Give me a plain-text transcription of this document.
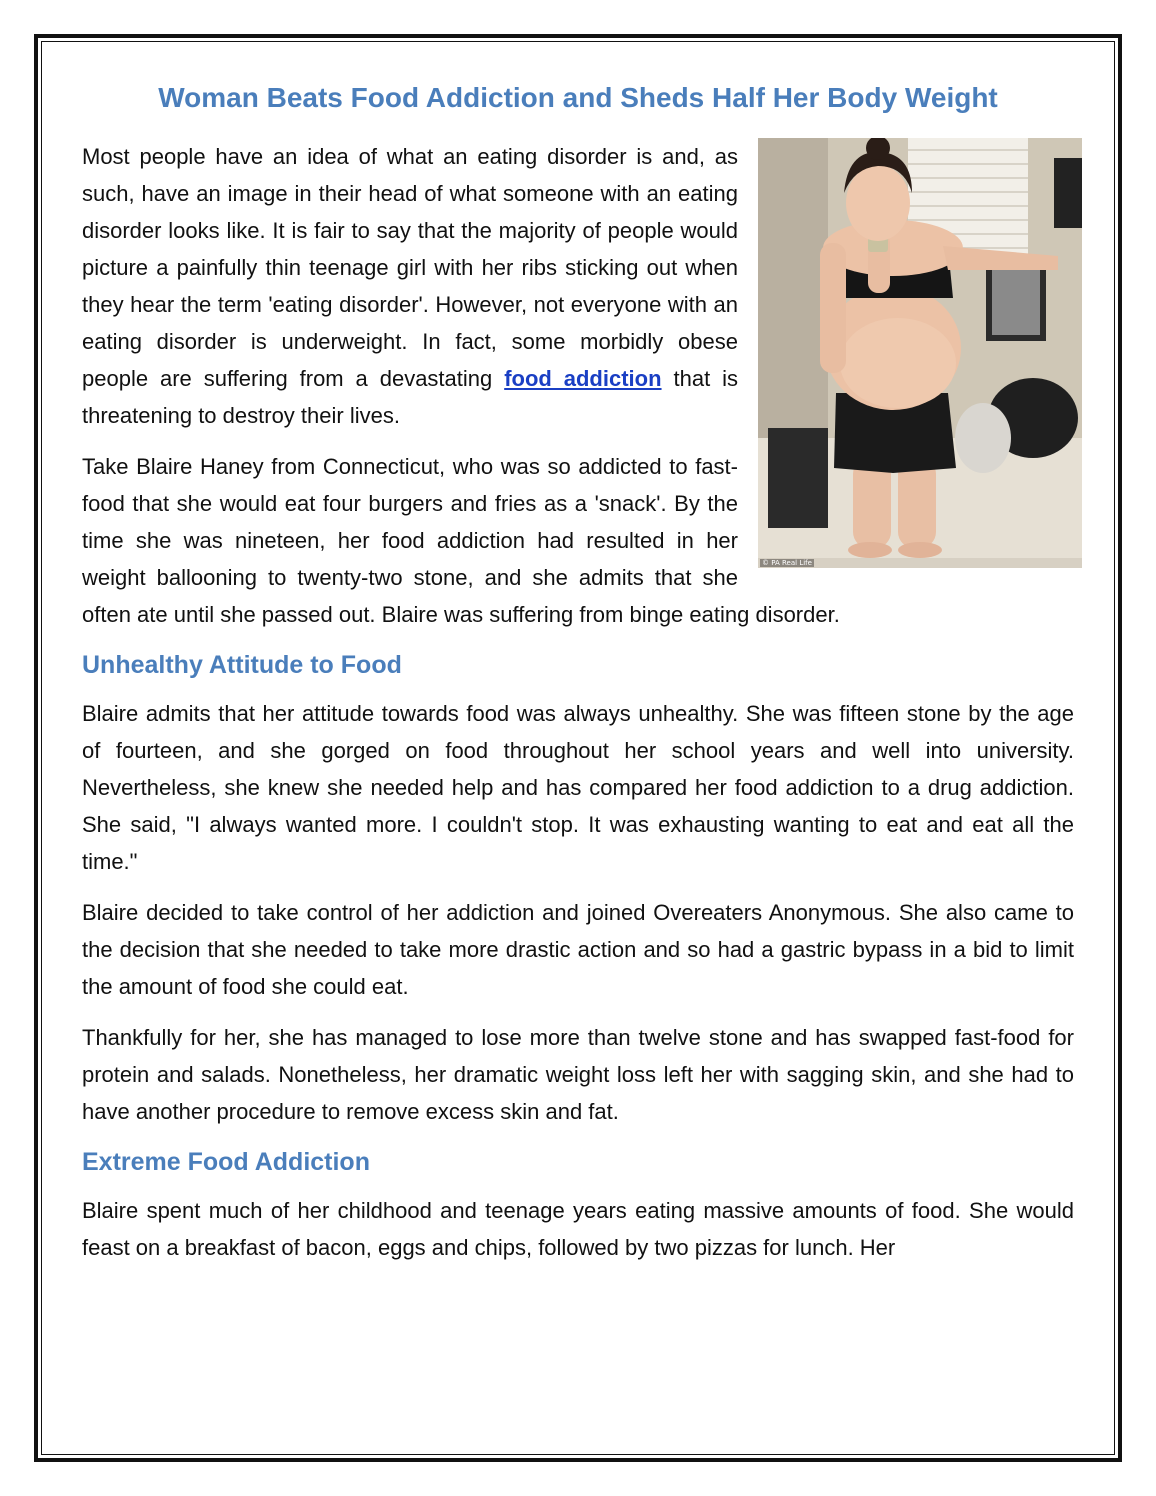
Woman Beats Food Addiction and Sheds Half Her Body Weight
© PA Real Life

Most people have an idea of what an eating disorder is and, as such, have an image in their head of what someone with an eating disorder looks like. It is fair to say that the majority of people would picture a painfully thin teenage girl with her ribs sticking out when they hear the term 'eating disorder'. However, not everyone with an eating disorder is underweight. In fact, some morbidly obese people are suffering from a devastating food addiction that is threatening to destroy their lives.

Take Blaire Haney from Connecticut, who was so addicted to fast-food that she would eat four burgers and fries as a 'snack'. By the time she was nineteen, her food addiction had resulted in her weight ballooning to twenty-two stone, and she admits that she often ate until she passed out. Blaire was suffering from binge eating disorder.

Unhealthy Attitude to Food

Blaire admits that her attitude towards food was always unhealthy. She was fifteen stone by the age of fourteen, and she gorged on food throughout her school years and well into university. Nevertheless, she knew she needed help and has compared her food addiction to a drug addiction. She said, "I always wanted more. I couldn't stop. It was exhausting wanting to eat and eat all the time."

Blaire decided to take control of her addiction and joined Overeaters Anonymous. She also came to the decision that she needed to take more drastic action and so had a gastric bypass in a bid to limit the amount of food she could eat.

Thankfully for her, she has managed to lose more than twelve stone and has swapped fast-food for protein and salads. Nonetheless, her dramatic weight loss left her with sagging skin, and she had to have another procedure to remove excess skin and fat.

Extreme Food Addiction

Blaire spent much of her childhood and teenage years eating massive amounts of food. She would feast on a breakfast of bacon, eggs and chips, followed by two pizzas for lunch. Her
